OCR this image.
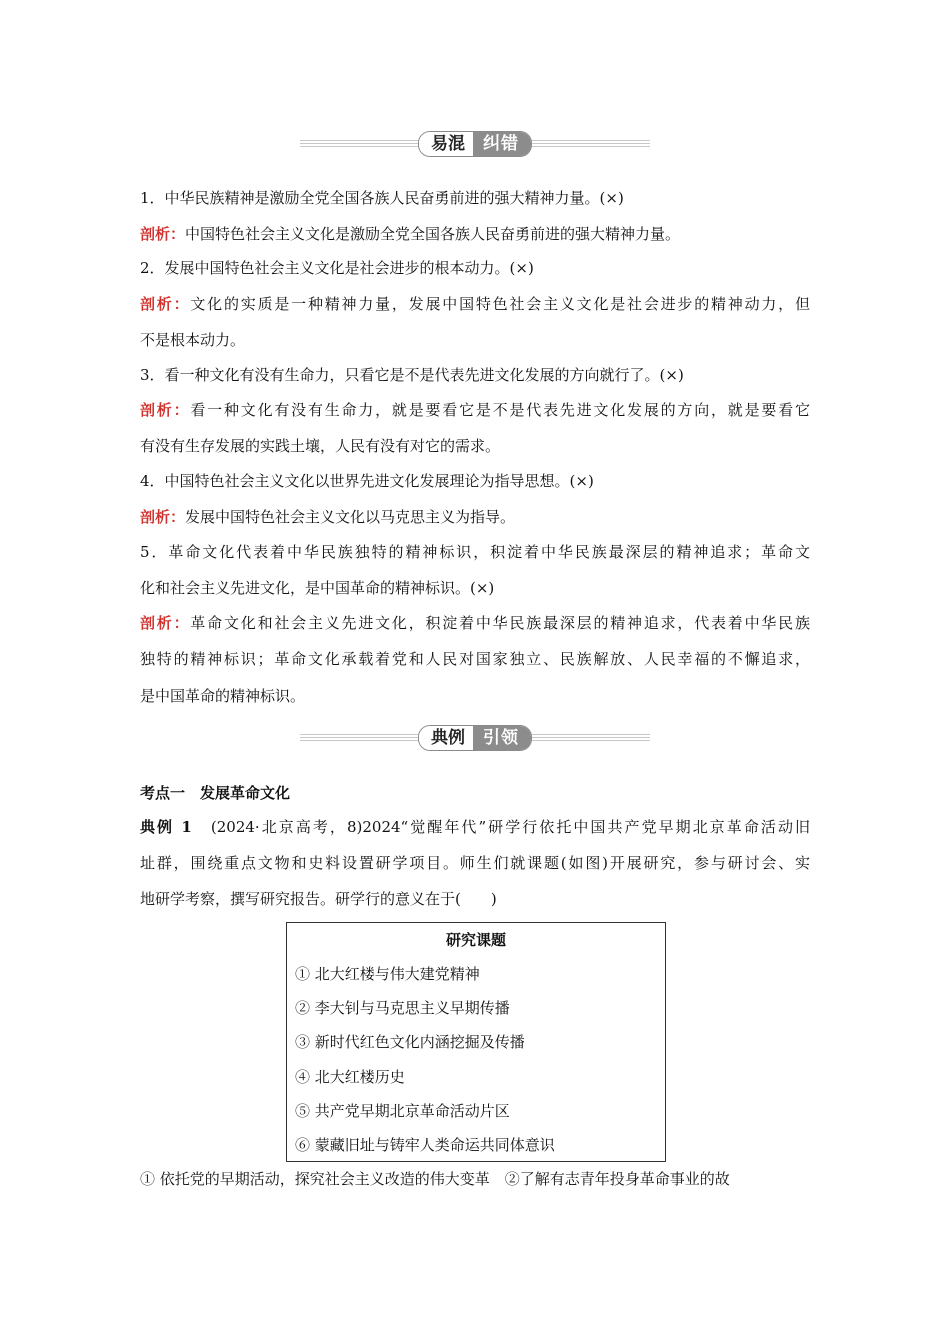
易混	纠错
1．中华民族精神是激励全党全国各族人民奋勇前进的强大精神力量。(×)
剖析：中国特色社会主义文化是激励全党全国各族人民奋勇前进的强大精神力量。
2．发展中国特色社会主义文化是社会进步的根本动力。(×)
剖析：文化的实质是一种精神力量，发展中国特色社会主义文化是社会进步的精神动力，但
不是根本动力。
3．看一种文化有没有生命力，只看它是不是代表先进文化发展的方向就行了。(×)
剖析：看一种文化有没有生命力，就是要看它是不是代表先进文化发展的方向，就是要看它
有没有生存发展的实践土壤，人民有没有对它的需求。
4．中国特色社会主义文化以世界先进文化发展理论为指导思想。(×)
剖析：发展中国特色社会主义文化以马克思主义为指导。
5．革命文化代表着中华民族独特的精神标识，积淀着中华民族最深层的精神追求；革命文
化和社会主义先进文化，是中国革命的精神标识。(×)
剖析：革命文化和社会主义先进文化，积淀着中华民族最深层的精神追求，代表着中华民族
独特的精神标识；革命文化承载着党和人民对国家独立、民族解放、人民幸福的不懈追求，
是中国革命的精神标识。
典例	引领
考点一　发展革命文化
典例 1　(2024·北京高考，8)2024“觉醒年代”研学行依托中国共产党早期北京革命活动旧
址群，围绕重点文物和史料设置研学项目。师生们就课题(如图)开展研究，参与研讨会、实
地研学考察，撰写研究报告。研学行的意义在于(　　)
研究课题
① 北大红楼与伟大建党精神
② 李大钊与马克思主义早期传播
③ 新时代红色文化内涵挖掘及传播
④ 北大红楼历史
⑤ 共产党早期北京革命活动片区
⑥ 蒙藏旧址与铸牢人类命运共同体意识
① 依托党的早期活动，探究社会主义改造的伟大变革　②了解有志青年投身革命事业的故
